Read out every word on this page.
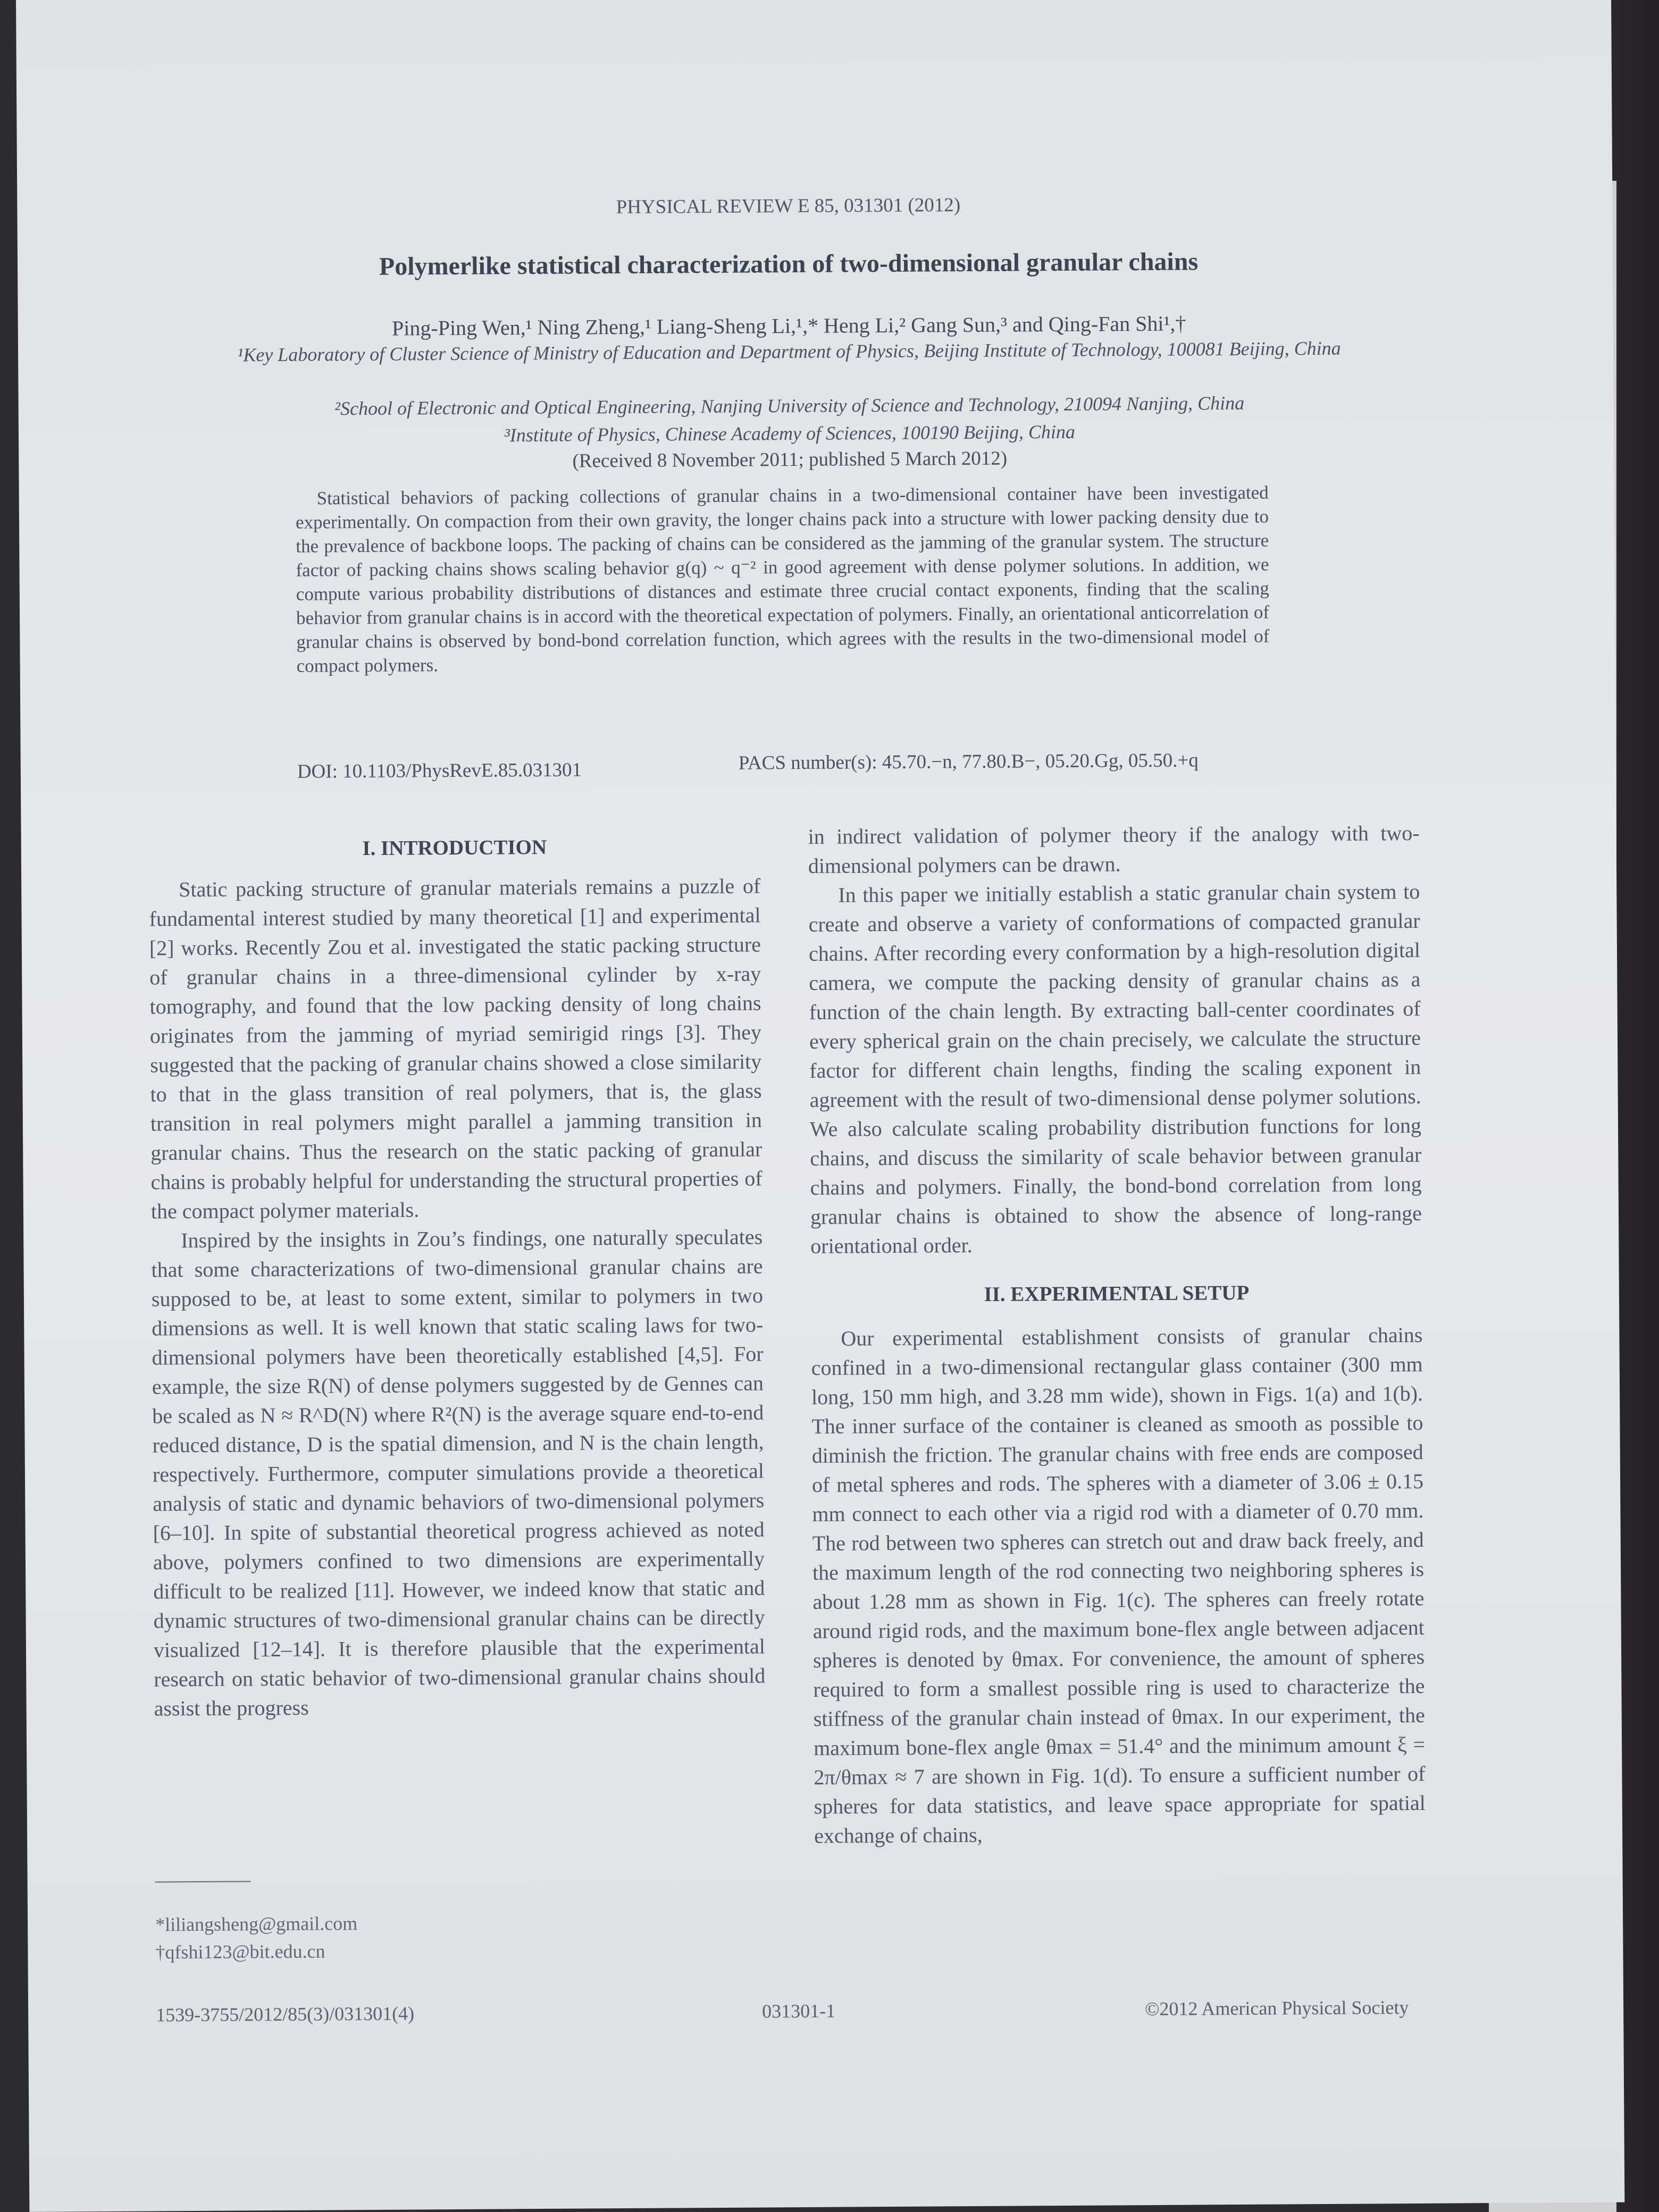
PHYSICAL REVIEW E 85, 031301 (2012)
Polymerlike statistical characterization of two-dimensional granular chains
Ping-Ping Wen,¹ Ning Zheng,¹ Liang-Sheng Li,¹,* Heng Li,² Gang Sun,³ and Qing-Fan Shi¹,†
¹Key Laboratory of Cluster Science of Ministry of Education and Department of Physics, Beijing Institute of Technology, 100081 Beijing, China
²School of Electronic and Optical Engineering, Nanjing University of Science and Technology, 210094 Nanjing, China
³Institute of Physics, Chinese Academy of Sciences, 100190 Beijing, China
(Received 8 November 2011; published 5 March 2012)
Statistical behaviors of packing collections of granular chains in a two-dimensional container have been investigated experimentally. On compaction from their own gravity, the longer chains pack into a structure with lower packing density due to the prevalence of backbone loops. The packing of chains can be considered as the jamming of the granular system. The structure factor of packing chains shows scaling behavior g(q) ~ q⁻² in good agreement with dense polymer solutions. In addition, we compute various probability distributions of distances and estimate three crucial contact exponents, finding that the scaling behavior from granular chains is in accord with the theoretical expectation of polymers. Finally, an orientational anticorrelation of granular chains is observed by bond-bond correlation function, which agrees with the results in the two-dimensional model of compact polymers.
DOI: 10.1103/PhysRevE.85.031301	PACS number(s): 45.70.−n, 77.80.B−, 05.20.Gg, 05.50.+q
I. INTRODUCTION

Static packing structure of granular materials remains a puzzle of fundamental interest studied by many theoretical [1] and experimental [2] works. Recently Zou et al. investigated the static packing structure of granular chains in a three-dimensional cylinder by x-ray tomography, and found that the low packing density of long chains originates from the jamming of myriad semirigid rings [3]. They suggested that the packing of granular chains showed a close similarity to that in the glass transition of real polymers, that is, the glass transition in real polymers might parallel a jamming transition in granular chains. Thus the research on the static packing of granular chains is probably helpful for understanding the structural properties of the compact polymer materials.

Inspired by the insights in Zou’s findings, one naturally speculates that some characterizations of two-dimensional granular chains are supposed to be, at least to some extent, similar to polymers in two dimensions as well. It is well known that static scaling laws for two-dimensional polymers have been theoretically established [4,5]. For example, the size R(N) of dense polymers suggested by de Gennes can be scaled as N ≈ R^D(N) where R²(N) is the average square end-to-end reduced distance, D is the spatial dimension, and N is the chain length, respectively. Furthermore, computer simulations provide a theoretical analysis of static and dynamic behaviors of two-dimensional polymers [6–10]. In spite of substantial theoretical progress achieved as noted above, polymers confined to two dimensions are experimentally difficult to be realized [11]. However, we indeed know that static and dynamic structures of two-dimensional granular chains can be directly visualized [12–14]. It is therefore plausible that the experimental research on static behavior of two-dimensional granular chains should assist the progress

in indirect validation of polymer theory if the analogy with two-dimensional polymers can be drawn.

In this paper we initially establish a static granular chain system to create and observe a variety of conformations of compacted granular chains. After recording every conformation by a high-resolution digital camera, we compute the packing density of granular chains as a function of the chain length. By extracting ball-center coordinates of every spherical grain on the chain precisely, we calculate the structure factor for different chain lengths, finding the scaling exponent in agreement with the result of two-dimensional dense polymer solutions. We also calculate scaling probability distribution functions for long chains, and discuss the similarity of scale behavior between granular chains and polymers. Finally, the bond-bond correlation from long granular chains is obtained to show the absence of long-range orientational order.

II. EXPERIMENTAL SETUP

Our experimental establishment consists of granular chains confined in a two-dimensional rectangular glass container (300 mm long, 150 mm high, and 3.28 mm wide), shown in Figs. 1(a) and 1(b). The inner surface of the container is cleaned as smooth as possible to diminish the friction. The granular chains with free ends are composed of metal spheres and rods. The spheres with a diameter of 3.06 ± 0.15 mm connect to each other via a rigid rod with a diameter of 0.70 mm. The rod between two spheres can stretch out and draw back freely, and the maximum length of the rod connecting two neighboring spheres is about 1.28 mm as shown in Fig. 1(c). The spheres can freely rotate around rigid rods, and the maximum bone-flex angle between adjacent spheres is denoted by θmax. For convenience, the amount of spheres required to form a smallest possible ring is used to characterize the stiffness of the granular chain instead of θmax. In our experiment, the maximum bone-flex angle θmax = 51.4° and the minimum amount ξ = 2π/θmax ≈ 7 are shown in Fig. 1(d). To ensure a sufficient number of spheres for data statistics, and leave space appropriate for spatial exchange of chains,

*liliangsheng@gmail.com
†qfshi123@bit.edu.cn
1539-3755/2012/85(3)/031301(4)	031301-1	©2012 American Physical Society
